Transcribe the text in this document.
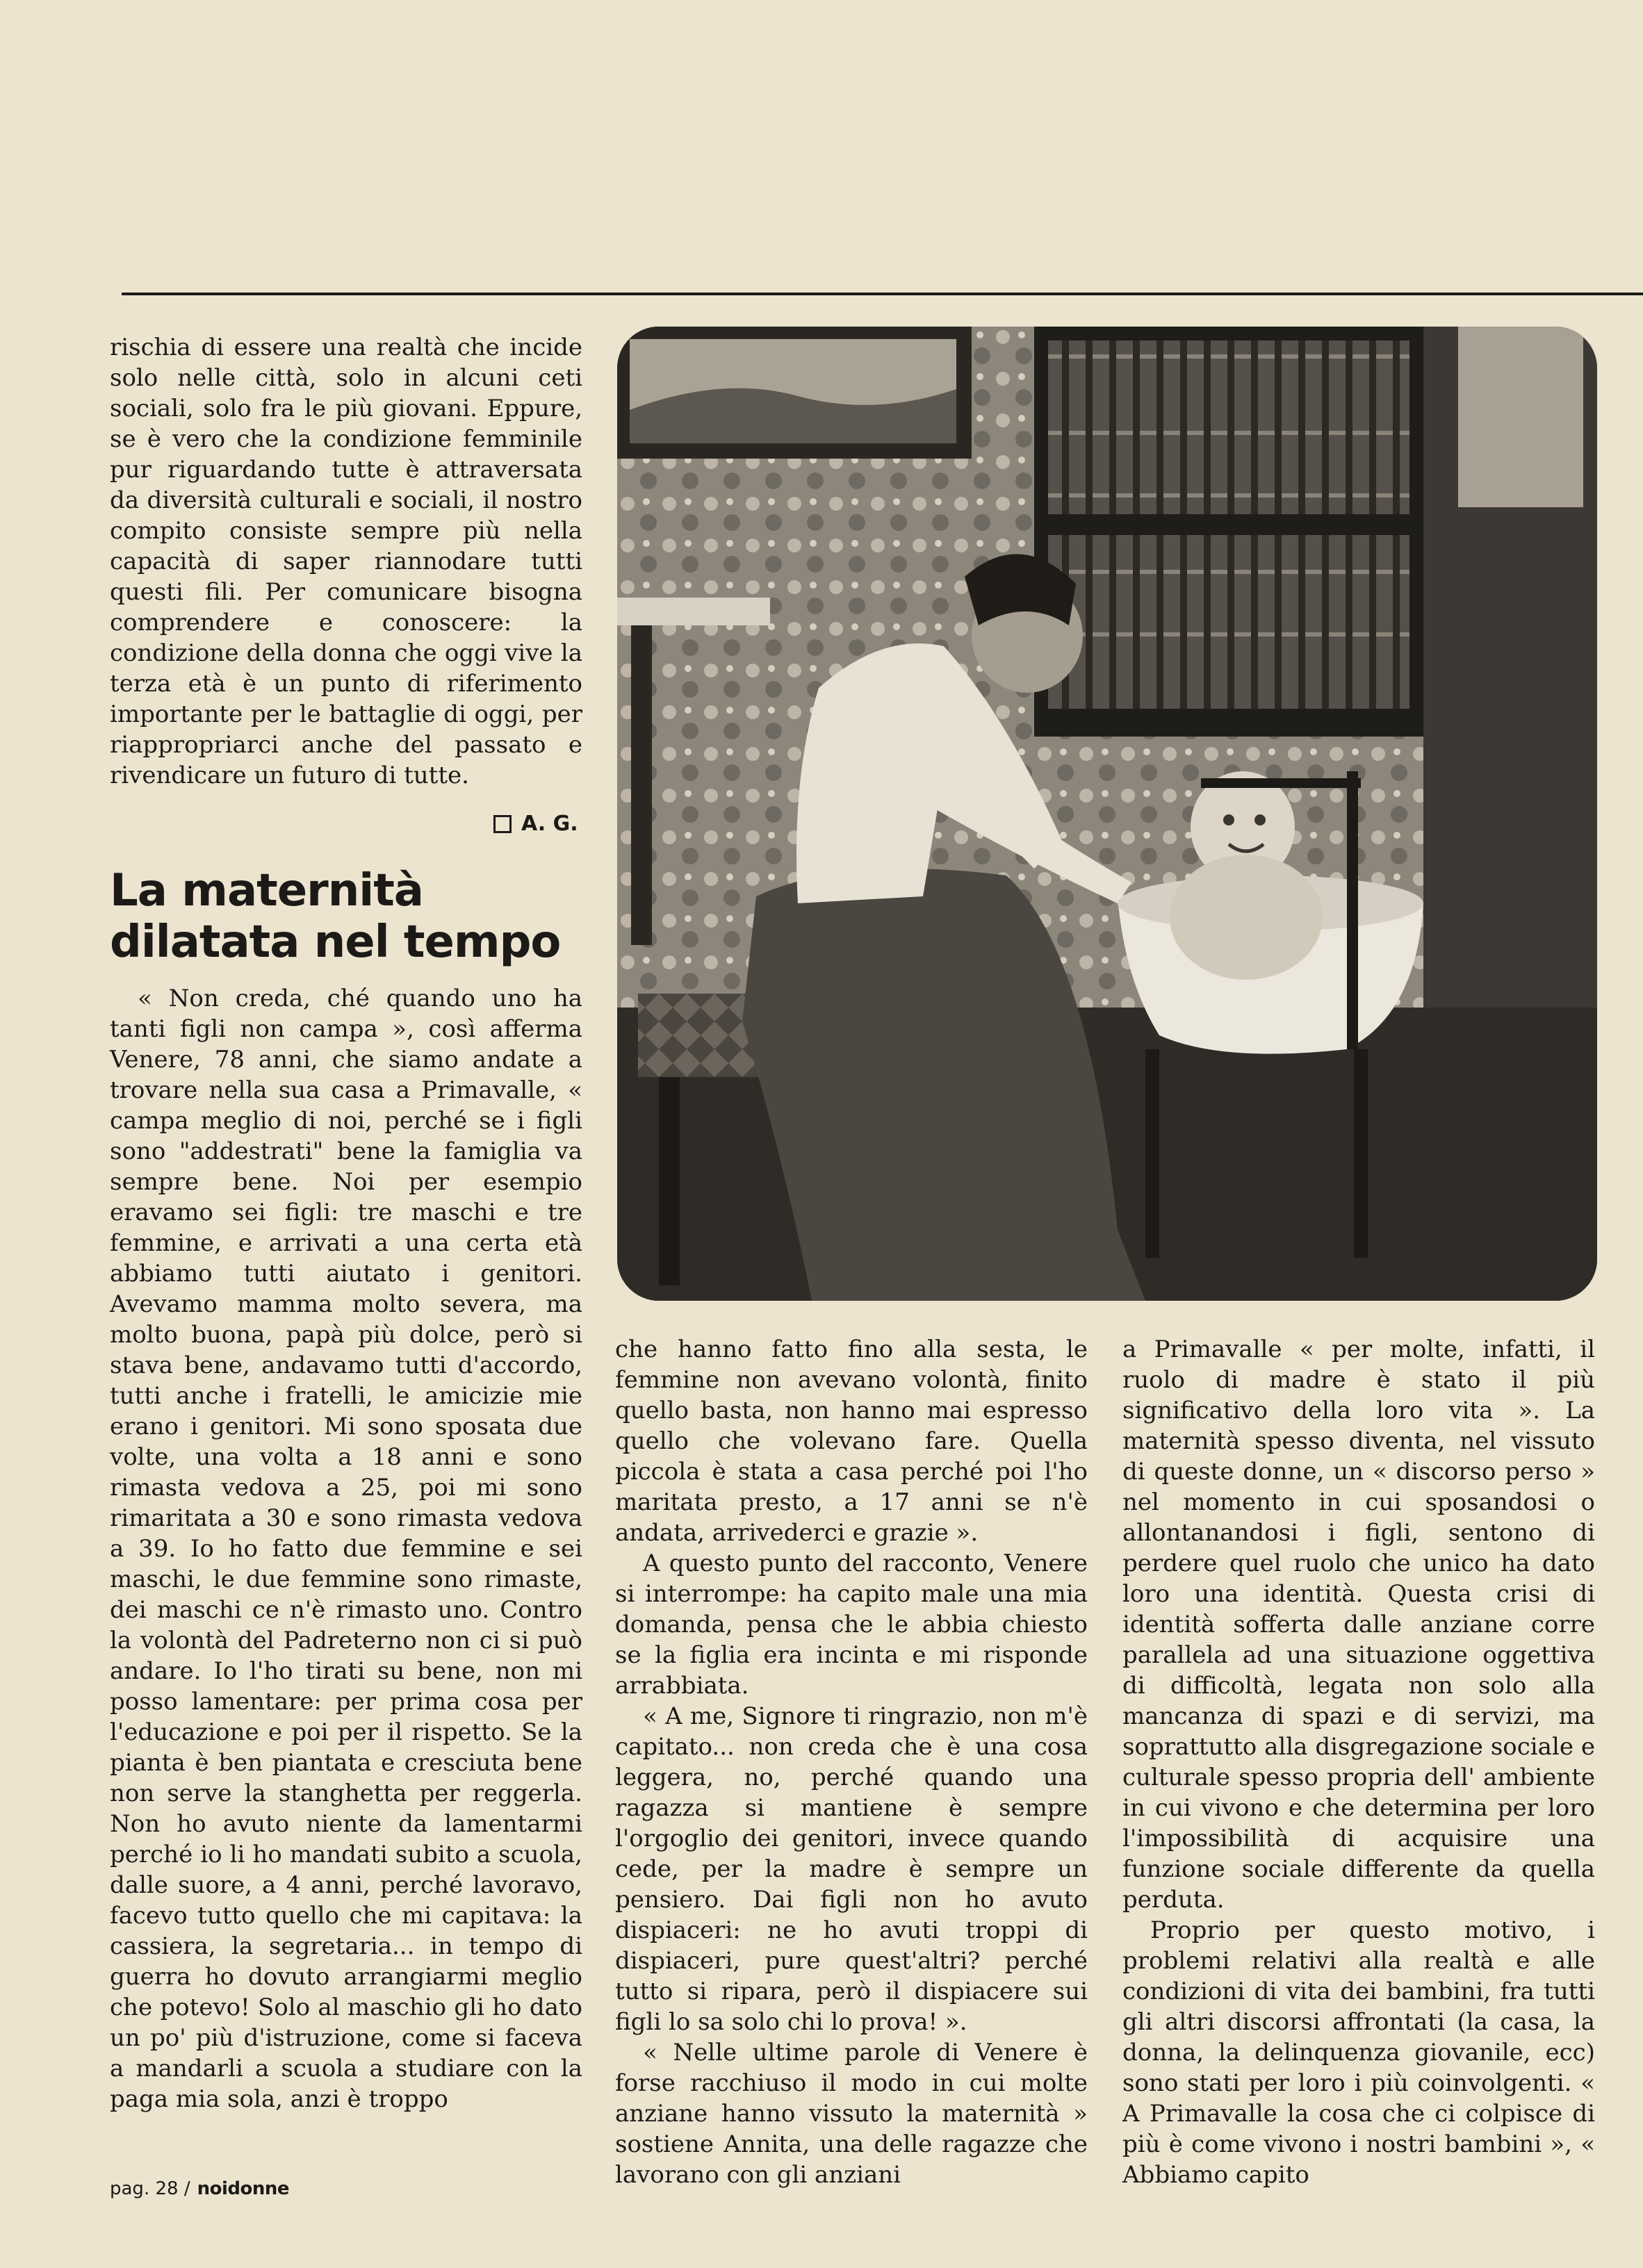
rischia di essere una realtà che incide solo nelle città, solo in alcuni ceti sociali, solo fra le più giovani. Eppure, se è vero che la condizione femminile pur riguardando tutte è attraversata da diversità culturali e sociali, il nostro compito consiste sempre più nella capacità di saper riannodare tutti questi fili. Per comunicare bisogna comprendere e conoscere: la condizione della donna che oggi vive la terza età è un punto di riferimento importante per le battaglie di oggi, per riappropriarci anche del passato e rivendicare un futuro di tutte.

A. G.
La maternità
dilatata nel tempo

« Non creda, ché quando uno ha tanti figli non campa », così afferma Venere, 78 anni, che siamo andate a trovare nella sua casa a Primavalle, « campa meglio di noi, perché se i figli sono "addestrati" bene la famiglia va sempre bene. Noi per esempio eravamo sei figli: tre maschi e tre femmine, e arrivati a una certa età abbiamo tutti aiutato i genitori. Avevamo mamma molto severa, ma molto buona, papà più dolce, però si stava bene, andavamo tutti d'accordo, tutti anche i fratelli, le amicizie mie erano i genitori. Mi sono sposata due volte, una volta a 18 anni e sono rimasta vedova a 25, poi mi sono rimaritata a 30 e sono rimasta vedova a 39. Io ho fatto due femmine e sei maschi, le due femmine sono rimaste, dei maschi ce n'è rimasto uno. Contro la volontà del Padreterno non ci si può andare. Io l'ho tirati su bene, non mi posso lamentare: per prima cosa per l'educazione e poi per il rispetto. Se la pianta è ben piantata e cresciuta bene non serve la stanghetta per reggerla. Non ho avuto niente da lamentarmi perché io li ho mandati subito a scuola, dalle suore, a 4 anni, perché lavoravo, facevo tutto quello che mi capitava: la cassiera, la segretaria... in tempo di guerra ho dovuto arrangiarmi meglio che potevo! Solo al maschio gli ho dato un po' più d'istruzione, come si faceva a mandarli a scuola a studiare con la paga mia sola, anzi è troppo

che hanno fatto fino alla sesta, le femmine non avevano volontà, finito quello basta, non hanno mai espresso quello che volevano fare. Quella piccola è stata a casa perché poi l'ho maritata presto, a 17 anni se n'è andata, arrivederci e grazie ».

A questo punto del racconto, Venere si interrompe: ha capito male una mia domanda, pensa che le abbia chiesto se la figlia era incinta e mi risponde arrabbiata.

« A me, Signore ti ringrazio, non m'è capitato... non creda che è una cosa leggera, no, perché quando una ragazza si mantiene è sempre l'orgoglio dei genitori, invece quando cede, per la madre è sempre un pensiero. Dai figli non ho avuto dispiaceri: ne ho avuti troppi di dispiaceri, pure quest'altri? perché tutto si ripara, però il dispiacere sui figli lo sa solo chi lo prova! ».

« Nelle ultime parole di Venere è forse racchiuso il modo in cui molte anziane hanno vissuto la maternità » sostiene Annita, una delle ragazze che lavorano con gli anziani

a Primavalle « per molte, infatti, il ruolo di madre è stato il più significativo della loro vita ». La maternità spesso diventa, nel vissuto di queste donne, un « discorso perso » nel momento in cui sposandosi o allontanandosi i figli, sentono di perdere quel ruolo che unico ha dato loro una identità. Questa crisi di identità sofferta dalle anziane corre parallela ad una situazione oggettiva di difficoltà, legata non solo alla mancanza di spazi e di servizi, ma soprattutto alla disgregazione sociale e culturale spesso propria dell' ambiente in cui vivono e che determina per loro l'impossibilità di acquisire una funzione sociale differente da quella perduta.

Proprio per questo motivo, i problemi relativi alla realtà e alle condizioni di vita dei bambini, fra tutti gli altri discorsi affrontati (la casa, la donna, la delinquenza giovanile, ecc) sono stati per loro i più coinvolgenti. « A Primavalle la cosa che ci colpisce di più è come vivono i nostri bambini », « Abbiamo capito

pag. 28 / noidonne
